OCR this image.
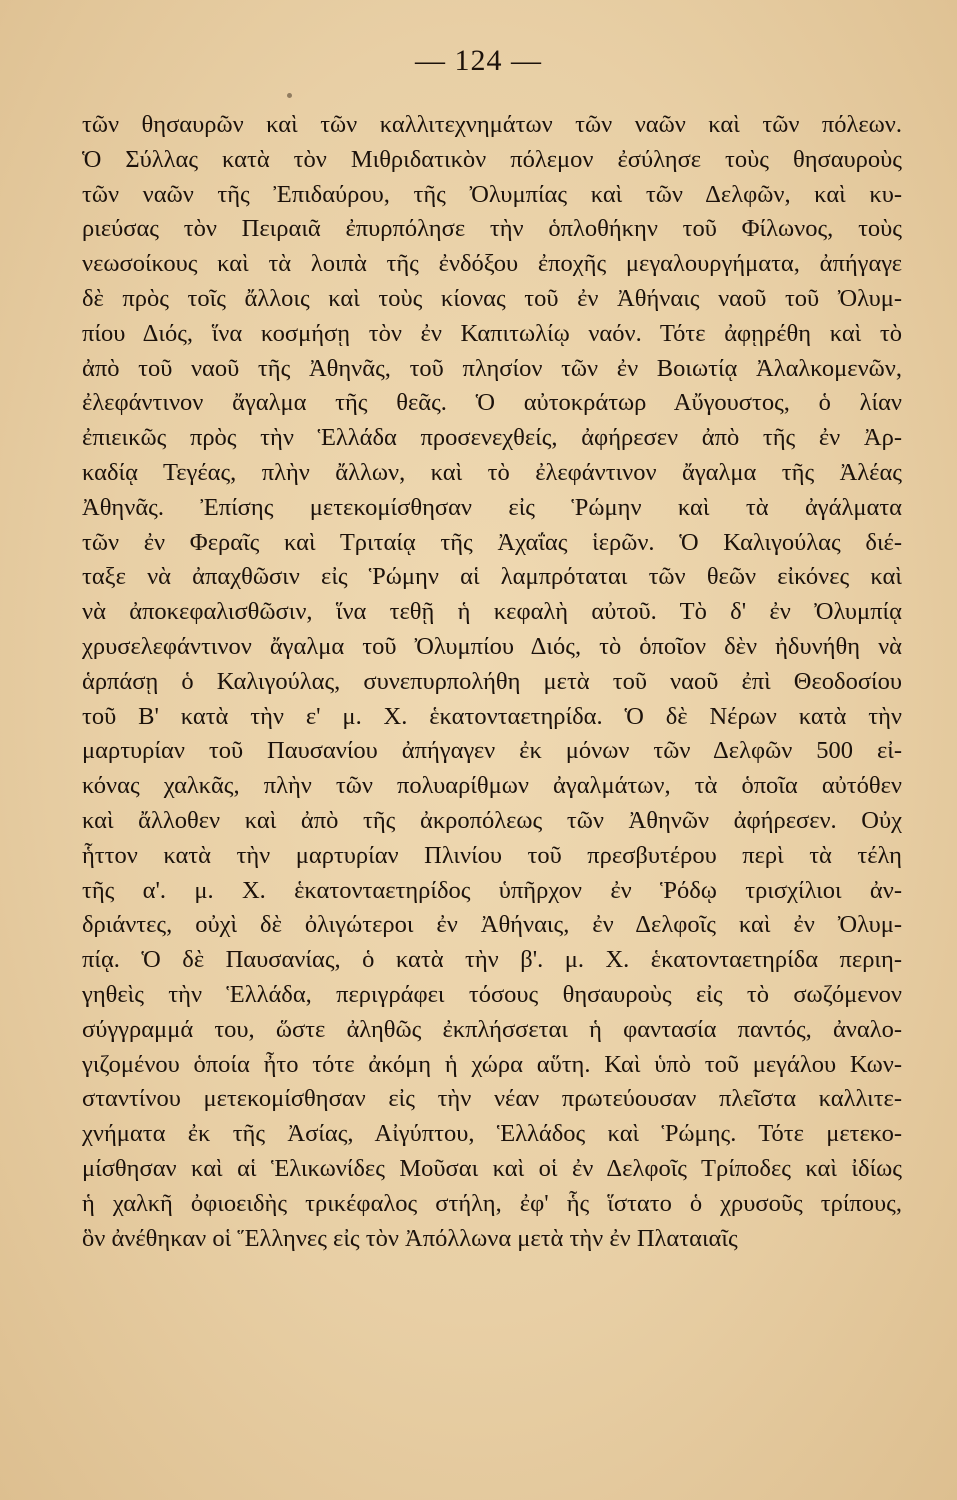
— 124 —
τῶν θησαυρῶν καὶ τῶν καλλιτεχνημάτων τῶν ναῶν καὶ τῶν πόλεων.
Ὁ Σύλλας κατὰ τὸν Μιθριδατικὸν πόλεμον ἐσύλησε τοὺς θησαυροὺς
τῶν ναῶν τῆς Ἐπιδαύρου, τῆς Ὀλυμπίας καὶ τῶν Δελφῶν, καὶ κυ-
ριεύσας τὸν Πειραιᾶ ἐπυρπόλησε τὴν ὁπλοθήκην τοῦ Φίλωνος, τοὺς
νεωσοίκους καὶ τὰ λοιπὰ τῆς ἐνδόξου ἐποχῆς μεγαλουργήματα, ἀπήγαγε
δὲ πρὸς τοῖς ἄλλοις καὶ τοὺς κίονας τοῦ ἐν Ἀθήναις ναοῦ τοῦ Ὀλυμ-
πίου Διός, ἵνα κοσμήσῃ τὸν ἐν Καπιτωλίῳ ναόν. Τότε ἀφῃρέθη καὶ τὸ
ἀπὸ τοῦ ναοῦ τῆς Ἀθηνᾶς, τοῦ πλησίον τῶν ἐν Βοιωτίᾳ Ἀλαλκομενῶν,
ἐλεφάντινον ἄγαλμα τῆς θεᾶς. Ὁ αὐτοκράτωρ Αὔγουστος, ὁ λίαν
ἐπιεικῶς πρὸς τὴν Ἑλλάδα προσενεχθείς, ἀφήρεσεν ἀπὸ τῆς ἐν Ἀρ-
καδίᾳ Τεγέας, πλὴν ἄλλων, καὶ τὸ ἐλεφάντινον ἄγαλμα τῆς Ἀλέας
Ἀθηνᾶς. Ἐπίσης μετεκομίσθησαν εἰς Ῥώμην καὶ τὰ ἀγάλματα
τῶν ἐν Φεραῖς καὶ Τριταίᾳ τῆς Ἀχαΐας ἱερῶν. Ὁ Καλιγούλας διέ-
ταξε νὰ ἀπαχθῶσιν εἰς Ῥώμην αἱ λαμπρόταται τῶν θεῶν εἰκόνες καὶ
νὰ ἀποκεφαλισθῶσιν, ἵνα τεθῇ ἡ κεφαλὴ αὐτοῦ. Τὸ δ' ἐν Ὀλυμπίᾳ
χρυσελεφάντινον ἄγαλμα τοῦ Ὀλυμπίου Διός, τὸ ὁποῖον δὲν ἠδυνήθη νὰ
ἁρπάσῃ ὁ Καλιγούλας, συνεπυρπολήθη μετὰ τοῦ ναοῦ ἐπὶ Θεοδοσίου
τοῦ Β' κατὰ τὴν ε' μ. Χ. ἑκατονταετηρίδα. Ὁ δὲ Νέρων κατὰ τὴν
μαρτυρίαν τοῦ Παυσανίου ἀπήγαγεν ἐκ μόνων τῶν Δελφῶν 500 εἰ-
κόνας χαλκᾶς, πλὴν τῶν πολυαρίθμων ἀγαλμάτων, τὰ ὁποῖα αὐτόθεν
καὶ ἄλλοθεν καὶ ἀπὸ τῆς ἀκροπόλεως τῶν Ἀθηνῶν ἀφήρεσεν. Οὐχ
ἧττον κατὰ τὴν μαρτυρίαν Πλινίου τοῦ πρεσβυτέρου περὶ τὰ τέλη
τῆς α'. μ. Χ. ἑκατονταετηρίδος ὑπῆρχον ἐν Ῥόδῳ τρισχίλιοι ἀν-
δριάντες, οὐχὶ δὲ ὀλιγώτεροι ἐν Ἀθήναις, ἐν Δελφοῖς καὶ ἐν Ὀλυμ-
πίᾳ. Ὁ δὲ Παυσανίας, ὁ κατὰ τὴν β'. μ. Χ. ἑκατονταετηρίδα περιη-
γηθεὶς τὴν Ἑλλάδα, περιγράφει τόσους θησαυροὺς εἰς τὸ σωζόμενον
σύγγραμμά του, ὥστε ἀληθῶς ἐκπλήσσεται ἡ φαντασία παντός, ἀναλο-
γιζομένου ὁποία ἦτο τότε ἀκόμη ἡ χώρα αὕτη. Καὶ ὑπὸ τοῦ μεγάλου Κων-
σταντίνου μετεκομίσθησαν εἰς τὴν νέαν πρωτεύουσαν πλεῖστα καλλιτε-
χνήματα ἐκ τῆς Ἀσίας, Αἰγύπτου, Ἑλλάδος καὶ Ῥώμης. Τότε μετεκο-
μίσθησαν καὶ αἱ Ἑλικωνίδες Μοῦσαι καὶ οἱ ἐν Δελφοῖς Τρίποδες καὶ ἰδίως
ἡ χαλκῆ ὀφιοειδὴς τρικέφαλος στήλη, ἐφ' ἧς ἵστατο ὁ χρυσοῦς τρίπους,
ὃν ἀνέθηκαν οἱ Ἕλληνες εἰς τὸν Ἀπόλλωνα μετὰ τὴν ἐν Πλαταιαῖς
